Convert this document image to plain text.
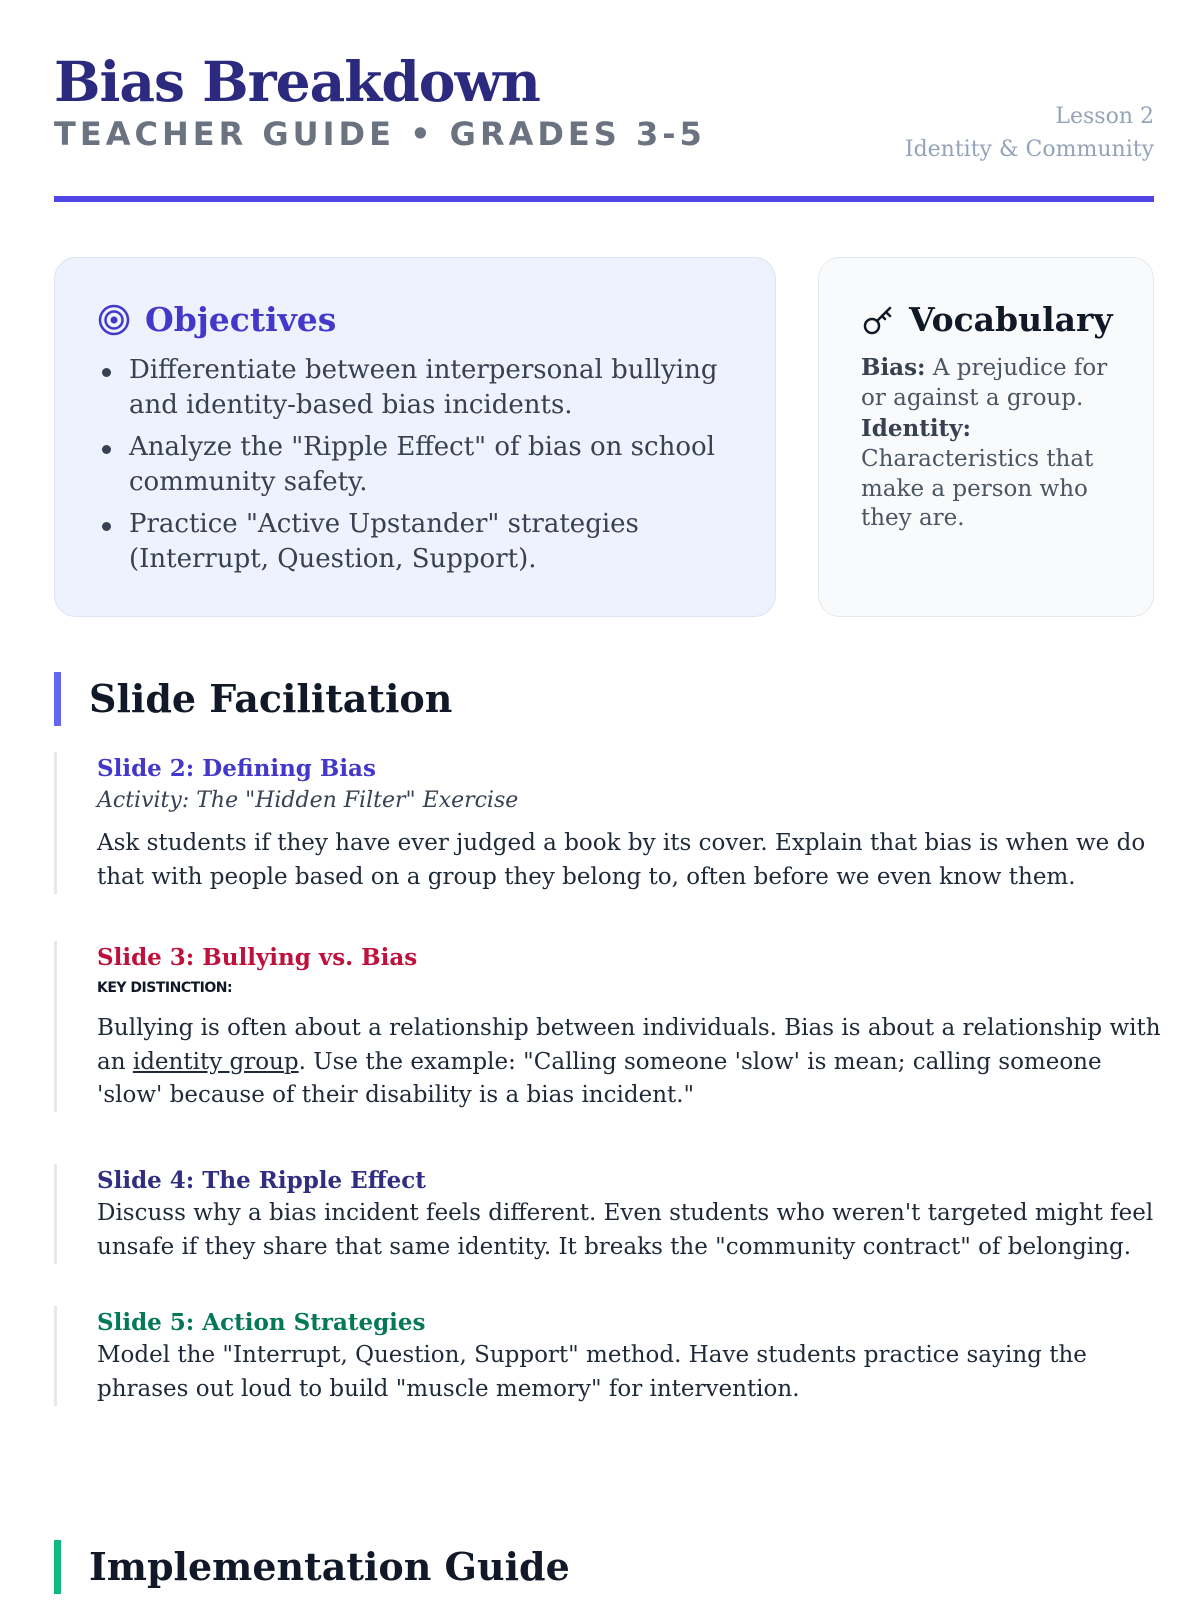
Bias Breakdown
TEACHER GUIDE • GRADES 3-5	Lesson 2
Identity & Community
Objectives
Differentiate between interpersonal bullying and identity-based bias incidents.
Analyze the "Ripple Effect" of bias on school community safety.
Practice "Active Upstander" strategies (Interrupt, Question, Support).
Vocabulary
Bias: A prejudice for or against a group.
Identity: Characteristics that make a person who they are.
Slide Facilitation
Slide 2: Defining Bias
Activity: The "Hidden Filter" Exercise
Ask students if they have ever judged a book by its cover. Explain that bias is when we do that with people based on a group they belong to, often before we even know them.
Slide 3: Bullying vs. Bias
KEY DISTINCTION:
Bullying is often about a relationship between individuals. Bias is about a relationship with an identity group. Use the example: "Calling someone 'slow' is mean; calling someone 'slow' because of their disability is a bias incident."
Slide 4: The Ripple Effect
Discuss why a bias incident feels different. Even students who weren't targeted might feel unsafe if they share that same identity. It breaks the "community contract" of belonging.
Slide 5: Action Strategies
Model the "Interrupt, Question, Support" method. Have students practice saying the phrases out loud to build "muscle memory" for intervention.
Implementation Guide
